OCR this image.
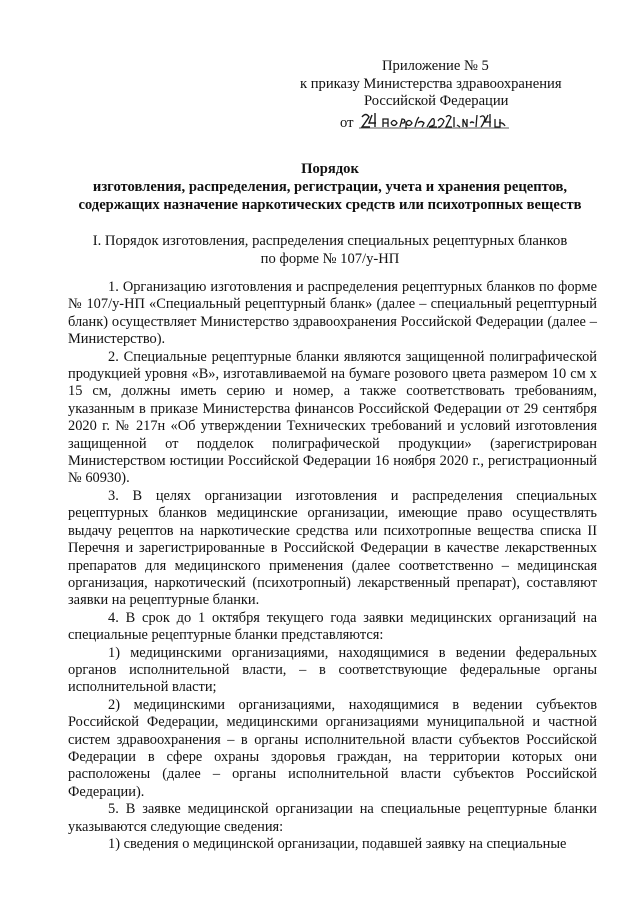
Приложение № 5
к приказу Министерства здравоохранения
Российской Федерации
от
Порядок
изготовления, распределения, регистрации, учета и хранения рецептов,
содержащих назначение наркотических средств или психотропных веществ
I. Порядок изготовления, распределения специальных рецептурных бланков
по форме № 107/у-НП

1. Организацию изготовления и распределения рецептурных бланков по форме № 107/у-НП «Специальный рецептурный бланк» (далее – специальный рецептурный бланк) осуществляет Министерство здравоохранения Российской Федерации (далее – Министерство).

2. Специальные рецептурные бланки являются защищенной полиграфической продукцией уровня «В», изготавливаемой на бумаге розового цвета размером 10 см x 15 см, должны иметь серию и номер, а также соответствовать требованиям, указанным в приказе Министерства финансов Российской Федерации от 29 сентября 2020 г. № 217н «Об утверждении Технических требований и условий изготовления защищенной от подделок полиграфической продукции» (зарегистрирован Министерством юстиции Российской Федерации 16 ноября 2020 г., регистрационный № 60930).

3. В целях организации изготовления и распределения специальных рецептурных бланков медицинские организации, имеющие право осуществлять выдачу рецептов на наркотические средства или психотропные вещества списка II Перечня и зарегистрированные в Российской Федерации в качестве лекарственных препаратов для медицинского применения (далее соответственно – медицинская организация, наркотический (психотропный) лекарственный препарат), составляют заявки на рецептурные бланки.

4. В срок до 1 октября текущего года заявки медицинских организаций на специальные рецептурные бланки представляются:

1) медицинскими организациями, находящимися в ведении федеральных органов исполнительной власти, – в соответствующие федеральные органы исполнительной власти;

2) медицинскими организациями, находящимися в ведении субъектов Российской Федерации, медицинскими организациями муниципальной и частной систем здравоохранения – в органы исполнительной власти субъектов Российской Федерации в сфере охраны здоровья граждан, на территории которых они расположены (далее – органы исполнительной власти субъектов Российской Федерации).

5. В заявке медицинской организации на специальные рецептурные бланки указываются следующие сведения:

1) сведения о медицинской организации, подавшей заявку на специальные
